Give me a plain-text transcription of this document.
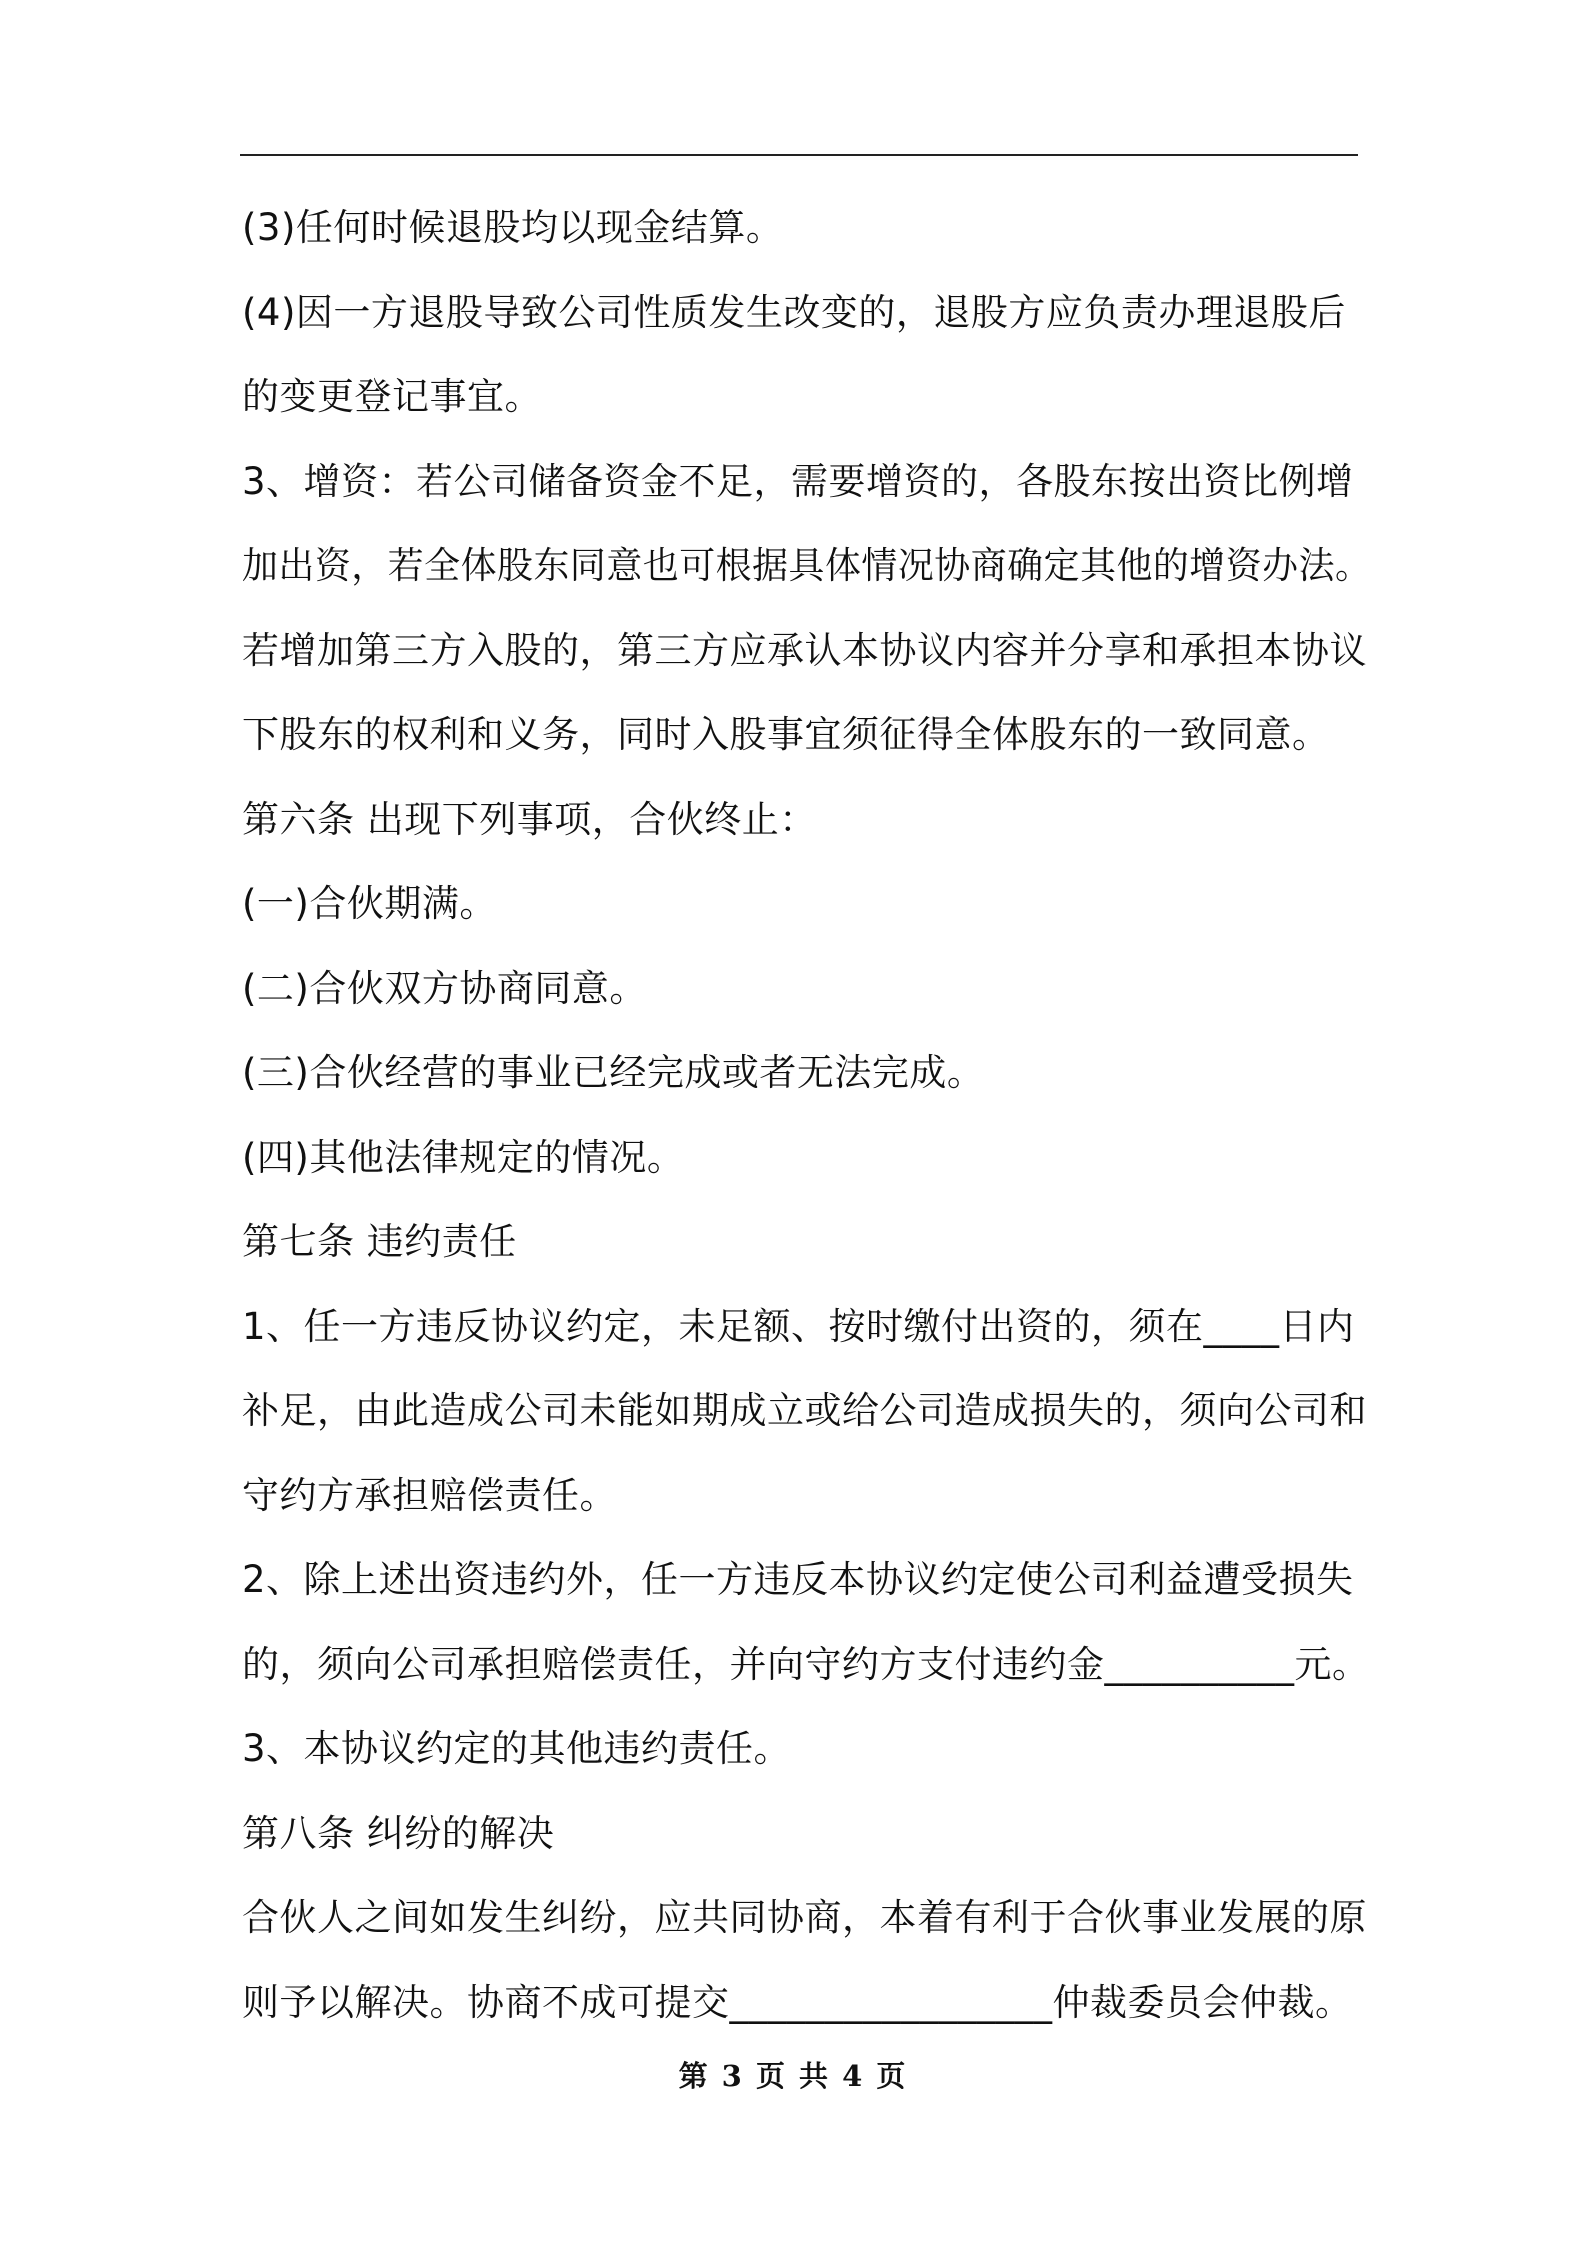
(3)任何时候退股均以现金结算。

(4)因一方退股导致公司性质发生改变的，退股方应负责办理退股后

的变更登记事宜。

3、增资：若公司储备资金不足，需要增资的，各股东按出资比例增

加出资，若全体股东同意也可根据具体情况协商确定其他的增资办法。

若增加第三方入股的，第三方应承认本协议内容并分享和承担本协议

下股东的权利和义务，同时入股事宜须征得全体股东的一致同意。

第六条 出现下列事项，合伙终止：

(一)合伙期满。

(二)合伙双方协商同意。

(三)合伙经营的事业已经完成或者无法完成。

(四)其他法律规定的情况。

第七条 违约责任

1、任一方违反协议约定，未足额、按时缴付出资的，须在____日内

补足，由此造成公司未能如期成立或给公司造成损失的，须向公司和

守约方承担赔偿责任。

2、除上述出资违约外，任一方违反本协议约定使公司利益遭受损失

的，须向公司承担赔偿责任，并向守约方支付违约金__________元。

3、本协议约定的其他违约责任。

第八条 纠纷的解决

合伙人之间如发生纠纷，应共同协商，本着有利于合伙事业发展的原

则予以解决。协商不成可提交_________________仲裁委员会仲裁。

第 3 页 共 4 页
